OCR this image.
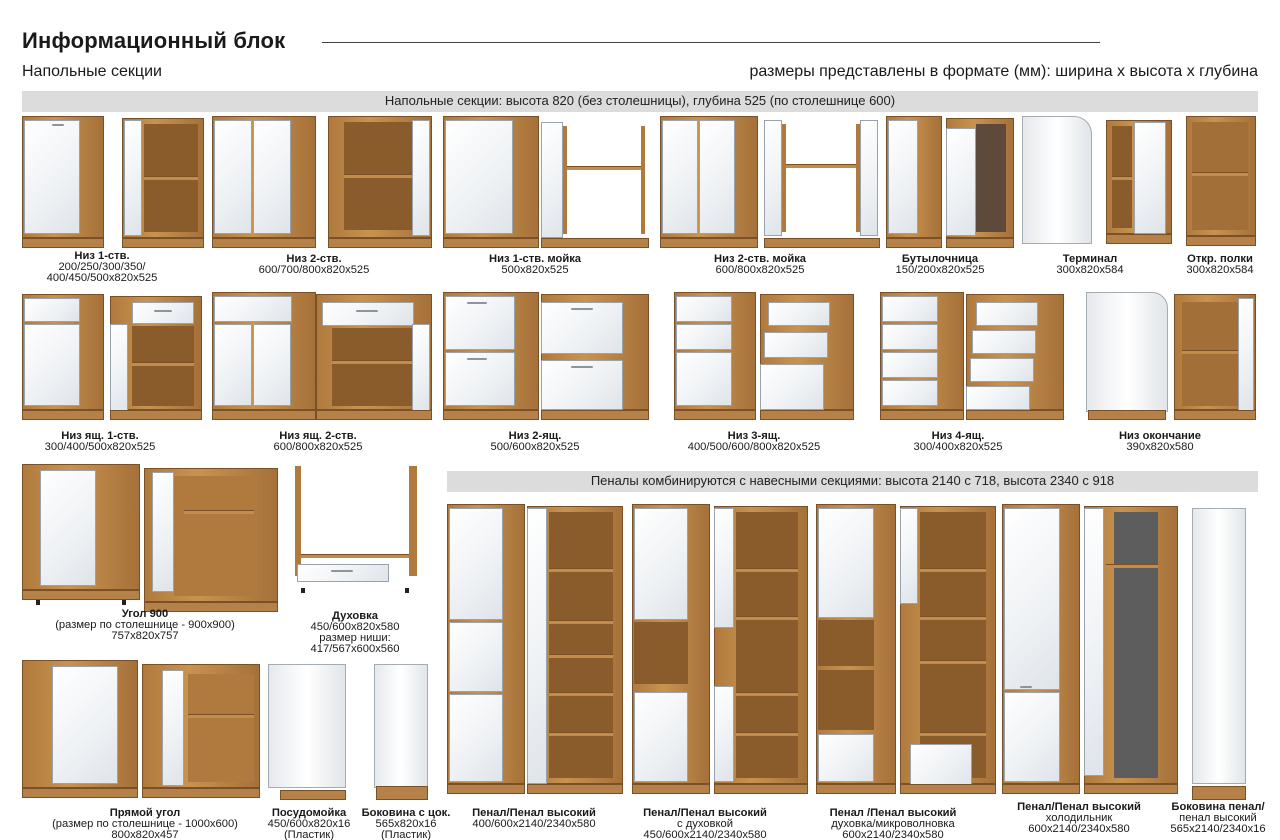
Информационный блок
Напольные секции	размеры представлены в формате (мм): ширина х высота х глубина
Напольные секции: высота 820 (без столешницы), глубина 525 (по столешнице 600)
Пеналы комбинируются с навесными секциями: высота 2140 с 718, высота 2340 с 918
Низ 1-ств.
200/250/300/350/
400/450/500х820х525
Низ 2-ств.
600/700/800х820х525
Низ 1-ств. мойка
500х820х525
Низ 2-ств. мойка
600/800х820х525
Бутылочница
150/200х820х525
Терминал
300х820х584
Откр. полки
300х820х584
Низ ящ. 1-ств.
300/400/500х820х525
Низ ящ. 2-ств.
600/800х820х525
Низ 2-ящ.
500/600х820х525
Низ 3-ящ.
400/500/600/800х820х525
Низ 4-ящ.
300/400х820х525
Низ окончание
390х820х580
Угол 900
(размер по столешнице - 900х900)
757х820х757
Духовка
450/600х820х580
размер ниши:
417/567х600х560
Прямой угол
(размер по столешнице - 1000х600)
800х820х457
Посудомойка
450/600х820х16
(Пластик)
Боковина с цок.
565х820х16
(Пластик)
Пенал/Пенал высокий
400/600х2140/2340х580
Пенал/Пенал высокий
с духовкой
450/600х2140/2340х580
Пенал /Пенал высокий
духовка/микроволновка
600х2140/2340х580
Пенал/Пенал высокий
холодильник
600х2140/2340х580
Боковина пенал/
пенал высокий
565х2140/2340х16
